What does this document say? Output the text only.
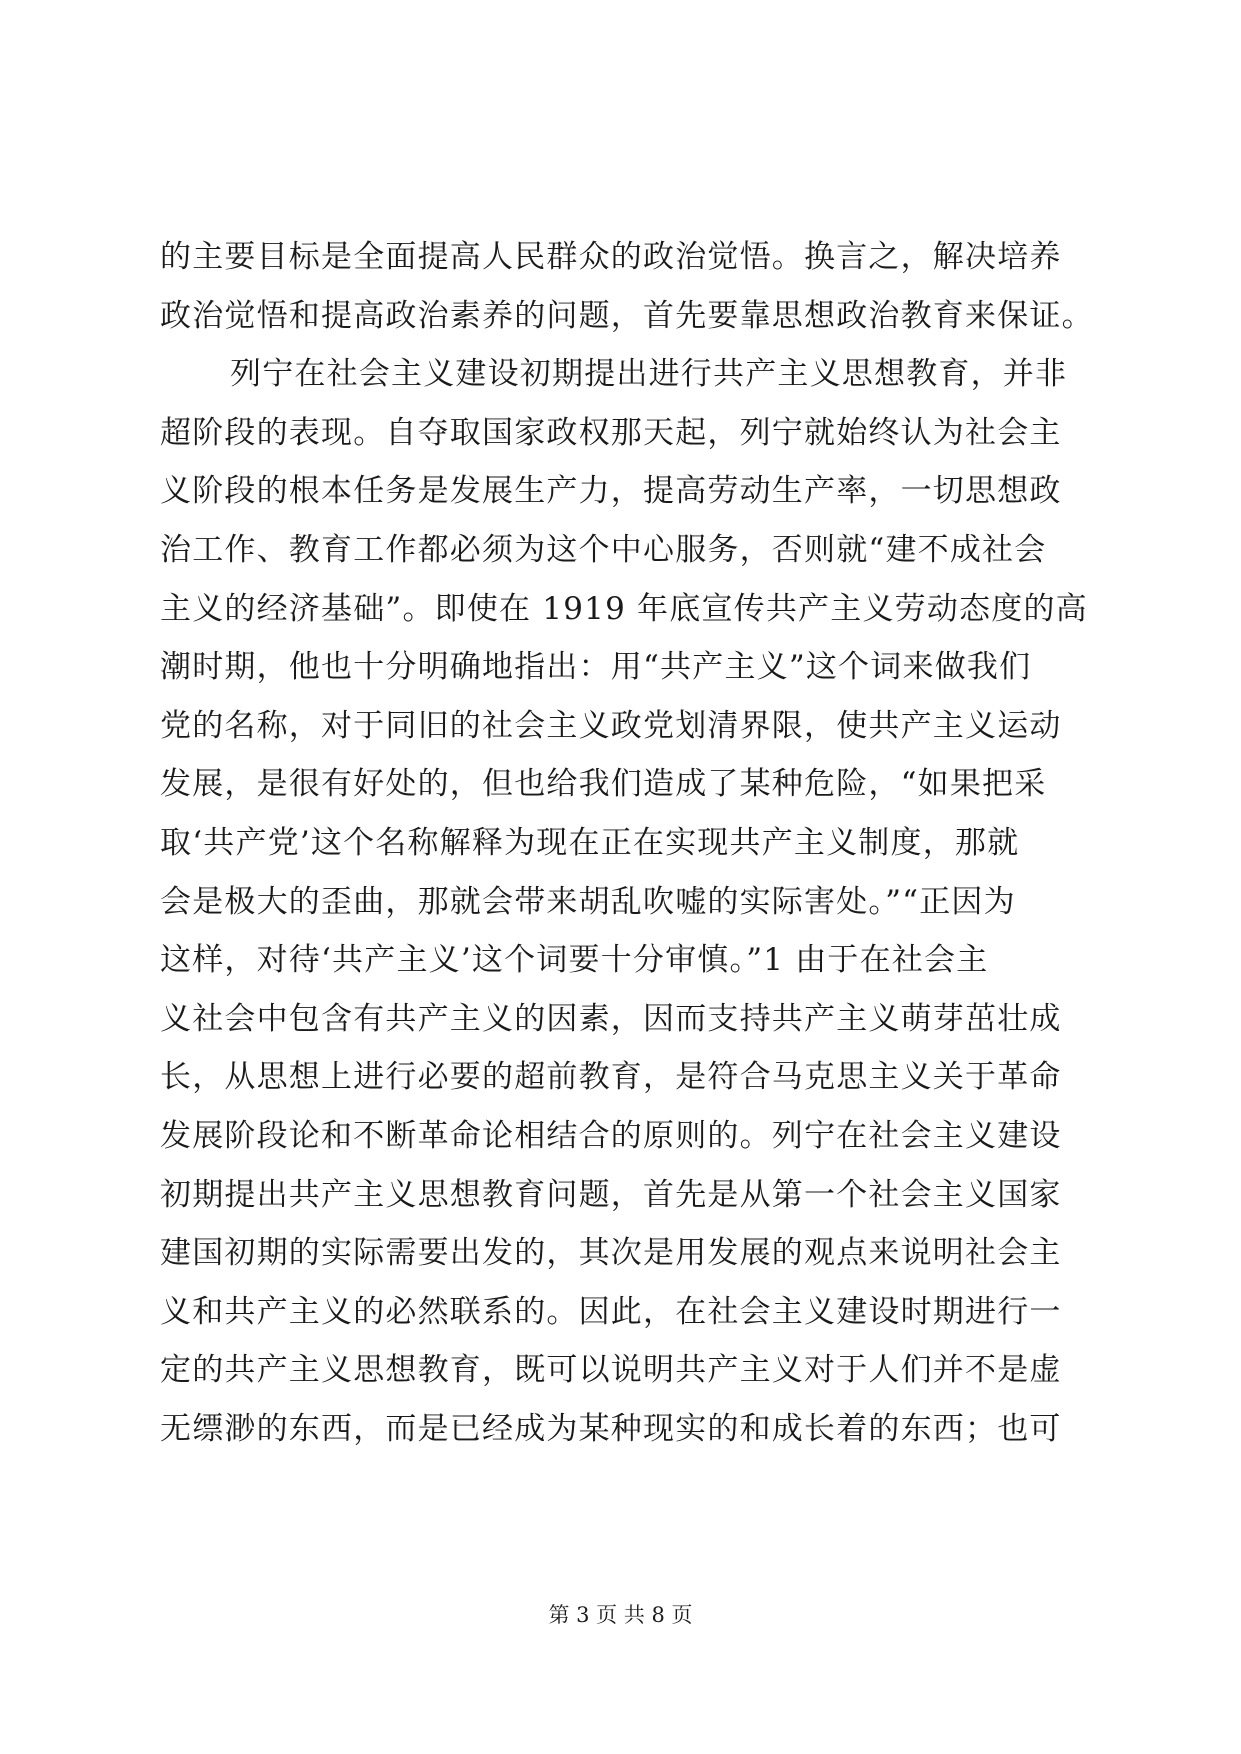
的主要目标是全面提高人民群众的政治觉悟。换言之，解决培养
政治觉悟和提高政治素养的问题，首先要靠思想政治教育来保证。
列宁在社会主义建设初期提出进行共产主义思想教育，并非
超阶段的表现。自夺取国家政权那天起，列宁就始终认为社会主
义阶段的根本任务是发展生产力，提高劳动生产率，一切思想政
治工作、教育工作都必须为这个中心服务，否则就“建不成社会
主义的经济基础”。即使在 1919 年底宣传共产主义劳动态度的高
潮时期，他也十分明确地指出：用“共产主义”这个词来做我们
党的名称，对于同旧的社会主义政党划清界限，使共产主义运动
发展，是很有好处的，但也给我们造成了某种危险，“如果把采
取‘共产党’这个名称解释为现在正在实现共产主义制度，那就
会是极大的歪曲，那就会带来胡乱吹嘘的实际害处。”“正因为
这样，对待‘共产主义’这个词要十分审慎。”1 由于在社会主
义社会中包含有共产主义的因素，因而支持共产主义萌芽茁壮成
长，从思想上进行必要的超前教育，是符合马克思主义关于革命
发展阶段论和不断革命论相结合的原则的。列宁在社会主义建设
初期提出共产主义思想教育问题，首先是从第一个社会主义国家
建国初期的实际需要出发的，其次是用发展的观点来说明社会主
义和共产主义的必然联系的。因此，在社会主义建设时期进行一
定的共产主义思想教育，既可以说明共产主义对于人们并不是虚
无缥渺的东西，而是已经成为某种现实的和成长着的东西；也可
第 3 页 共 8 页
